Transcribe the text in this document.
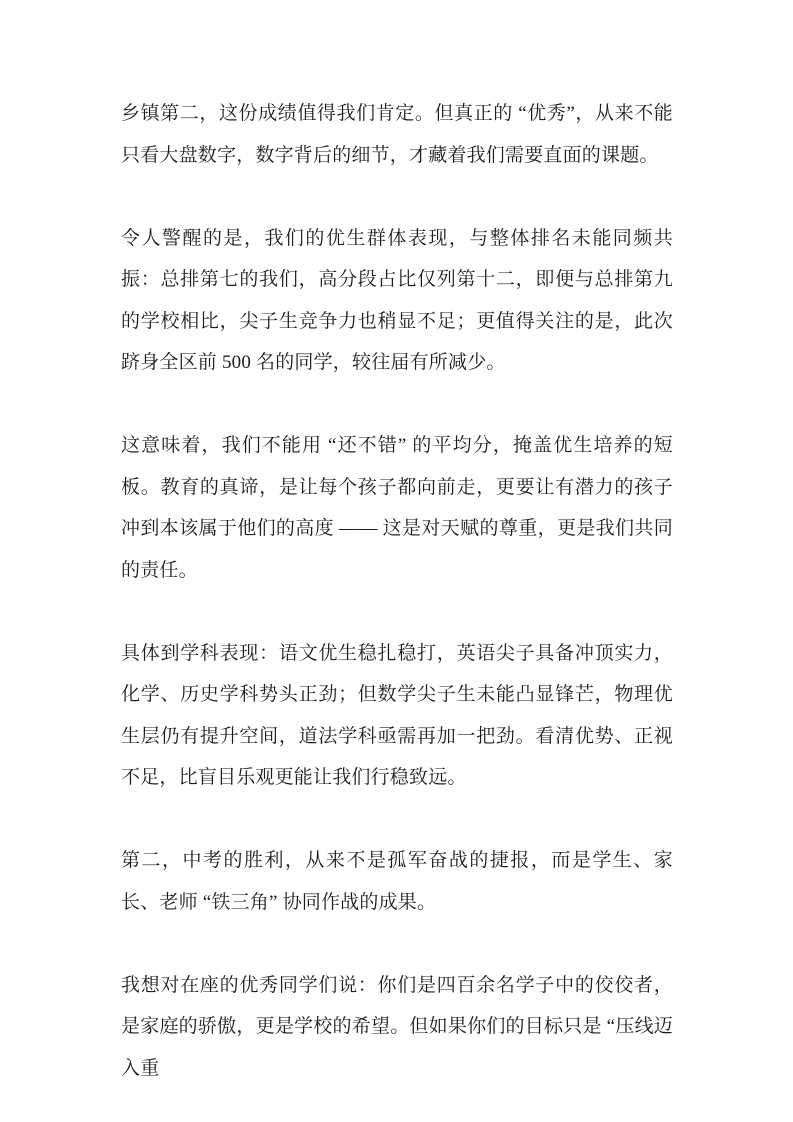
乡镇第二，这份成绩值得我们肯定。但真正的 “优秀”，从来不能只看大盘数字，数字背后的细节，才藏着我们需要直面的课题。

令人警醒的是，我们的优生群体表现，与整体排名未能同频共振：总排第七的我们，高分段占比仅列第十二，即便与总排第九的学校相比，尖子生竞争力也稍显不足；更值得关注的是，此次跻身全区前 500 名的同学，较往届有所减少。

这意味着，我们不能用 “还不错” 的平均分，掩盖优生培养的短板。教育的真谛，是让每个孩子都向前走，更要让有潜力的孩子冲到本该属于他们的高度 —— 这是对天赋的尊重，更是我们共同的责任。

具体到学科表现：语文优生稳扎稳打，英语尖子具备冲顶实力，化学、历史学科势头正劲；但数学尖子生未能凸显锋芒，物理优生层仍有提升空间，道法学科亟需再加一把劲。看清优势、正视不足，比盲目乐观更能让我们行稳致远。

第二，中考的胜利，从来不是孤军奋战的捷报，而是学生、家长、老师 “铁三角” 协同作战的成果。

我想对在座的优秀同学们说：你们是四百余名学子中的佼佼者，是家庭的骄傲，更是学校的希望。但如果你们的目标只是 “压线迈入重
